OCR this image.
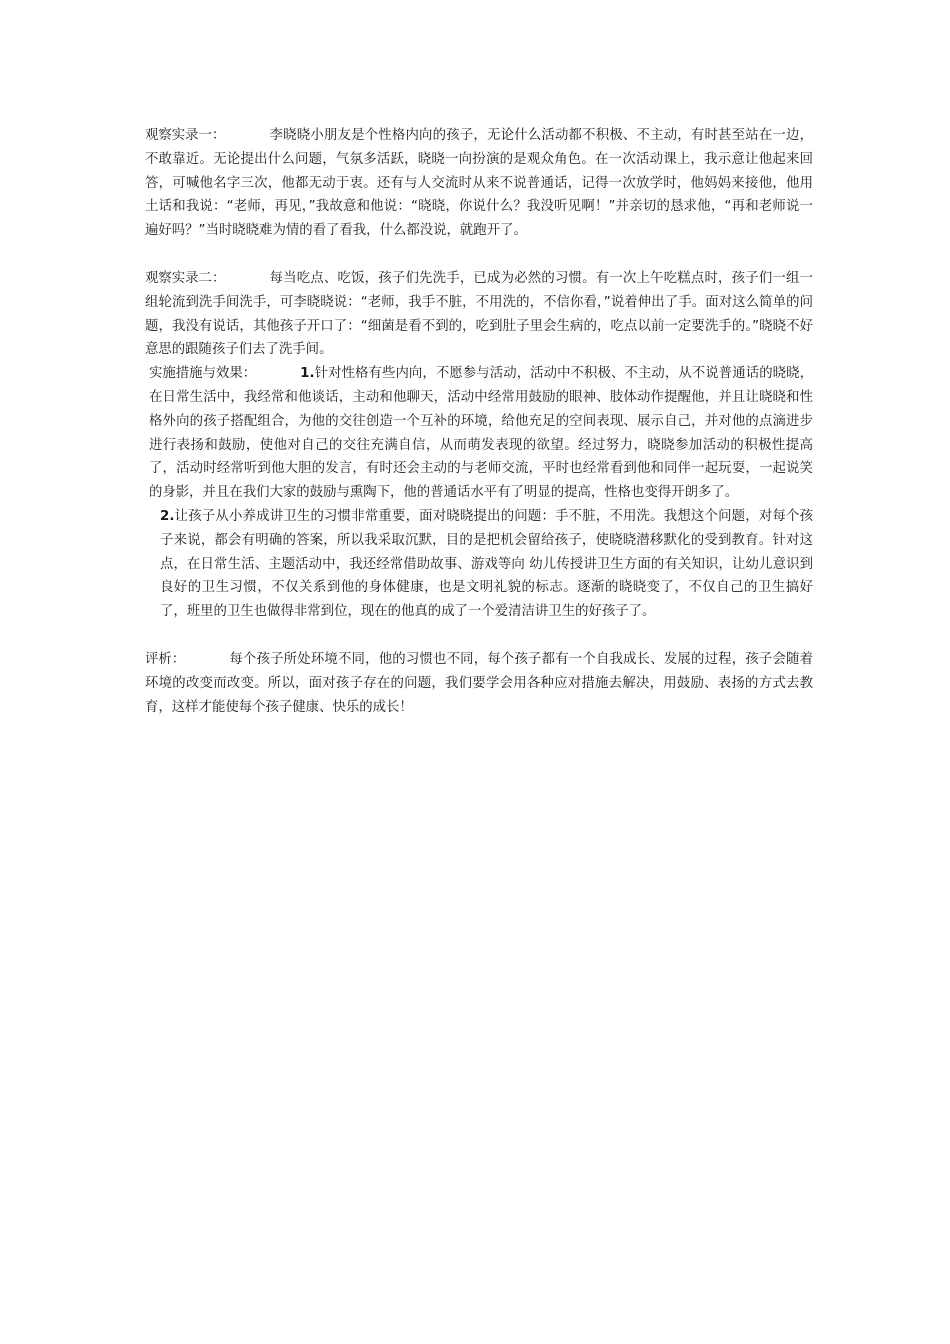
观察实录一：	李晓晓小朋友是个性格内向的孩子，无论什么活动都不积极、不主动，有时甚至站在一边，不敢靠近。无论提出什么问题，气氛多活跃，晓晓一向扮演的是观众角色。在一次活动课上，我示意让他起来回答，可喊他名字三次，他都无动于衷。还有与人交流时从来不说普通话，记得一次放学时，他妈妈来接他，他用土话和我说：“老师，再见，”我故意和他说：“晓晓，你说什么？我没听见啊！”并亲切的恳求他，“再和老师说一遍好吗？”当时晓晓难为情的看了看我，什么都没说，就跑开了。

观察实录二：	每当吃点、吃饭，孩子们先洗手，已成为必然的习惯。有一次上午吃糕点时，孩子们一组一组轮流到洗手间洗手，可李晓晓说：“老师，我手不脏，不用洗的，不信你看，”说着伸出了手。面对这么简单的问题，我没有说话，其他孩子开口了：“细菌是看不到的，吃到肚子里会生病的，吃点以前一定要洗手的。”晓晓不好意思的跟随孩子们去了洗手间。

实施措施与效果：	1.针对性格有些内向，不愿参与活动，活动中不积极、不主动，从不说普通话的晓晓，在日常生活中，我经常和他谈话，主动和他聊天，活动中经常用鼓励的眼神、肢体动作提醒他，并且让晓晓和性格外向的孩子搭配组合，为他的交往创造一个互补的环境，给他充足的空间表现、展示自己，并对他的点滴进步进行表扬和鼓励，使他对自己的交往充满自信，从而萌发表现的欲望。经过努力，晓晓参加活动的积极性提高了，活动时经常听到他大胆的发言，有时还会主动的与老师交流，平时也经常看到他和同伴一起玩耍，一起说笑的身影，并且在我们大家的鼓励与熏陶下，他的普通话水平有了明显的提高，性格也变得开朗多了。

2.让孩子从小养成讲卫生的习惯非常重要，面对晓晓提出的问题：手不脏，不用洗。我想这个问题，对每个孩子来说，都会有明确的答案，所以我采取沉默，目的是把机会留给孩子，使晓晓潜移默化的受到教育。针对这点，在日常生活、主题活动中，我还经常借助故事、游戏等向 幼儿传授讲卫生方面的有关知识，让幼儿意识到良好的卫生习惯，不仅关系到他的身体健康，也是文明礼貌的标志。逐渐的晓晓变了，不仅自己的卫生搞好了，班里的卫生也做得非常到位，现在的他真的成了一个爱清洁讲卫生的好孩子了。

评析：	每个孩子所处环境不同，他的习惯也不同，每个孩子都有一个自我成长、发展的过程，孩子会随着环境的改变而改变。所以，面对孩子存在的问题，我们要学会用各种应对措施去解决，用鼓励、表扬的方式去教育，这样才能使每个孩子健康、快乐的成长！
